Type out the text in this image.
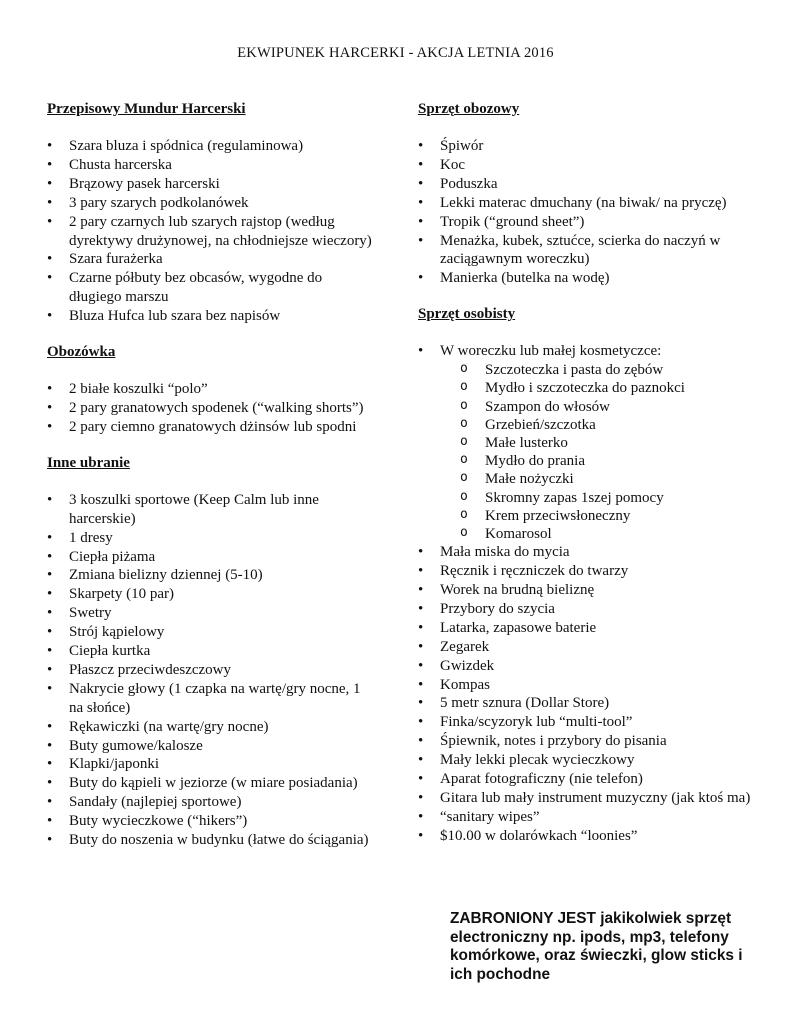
EKWIPUNEK HARCERKI - AKCJA LETNIA 2016

Przepisowy Mundur Harcerski

• Szara bluza i spódnica (regulaminowa)
• Chusta harcerska
• Brązowy pasek harcerski
• 3 pary szarych podkolanówek
• 2 pary czarnych lub szarych rajstop (według dyrektywy drużynowej, na chłodniejsze wieczory)
• Szara furażerka
• Czarne półbuty bez obcasów, wygodne do długiego marszu
• Bluza Hufca lub szara bez napisów

Obozówka

• 2 białe koszulki “polo”
• 2 pary granatowych spodenek (“walking shorts”)
• 2 pary ciemno granatowych dżinsów lub spodni

Inne ubranie

• 3 koszulki sportowe (Keep Calm lub inne harcerskie)
• 1 dresy
• Ciepła piżama
• Zmiana bielizny dziennej (5-10)
• Skarpety (10 par)
• Swetry
• Strój kąpielowy
• Ciepła kurtka
• Płaszcz przeciwdeszczowy
• Nakrycie głowy (1 czapka na wartę/gry nocne, 1 na słońce)
• Rękawiczki (na wartę/gry nocne)
• Buty gumowe/kalosze
• Klapki/japonki
• Buty do kąpieli w jeziorze (w miare posiadania)
• Sandały (najlepiej sportowe)
• Buty wycieczkowe (“hikers”)
• Buty do noszenia w budynku (łatwe do ściągania)

Sprzęt obozowy

• Śpiwór
• Koc
• Poduszka
• Lekki materac dmuchany (na biwak/ na pryczę)
• Tropik (“ground sheet”)
• Menażka, kubek, sztućce, scierka do naczyń w zaciągawnym woreczku)
• Manierka (butelka na wodę)

Sprzęt osobisty

• W woreczku lub małej kosmetyczce:
o Szczoteczka i pasta do zębów
o Mydło i szczoteczka do paznokci
o Szampon do włosów
o Grzebień/szczotka
o Małe lusterko
o Mydło do prania
o Małe nożyczki
o Skromny zapas 1szej pomocy
o Krem przeciwsłoneczny
o Komarosol
• Mała miska do mycia
• Ręcznik i ręczniczek do twarzy
• Worek na brudną bieliznę
• Przybory do szycia
• Latarka, zapasowe baterie
• Zegarek
• Gwizdek
• Kompas
• 5 metr sznura (Dollar Store)
• Finka/scyzoryk lub “multi-tool”
• Śpiewnik, notes i przybory do pisania
• Mały lekki plecak wycieczkowy
• Aparat fotograficzny (nie telefon)
• Gitara lub mały instrument muzyczny (jak ktoś ma)
• “sanitary wipes”
• $10.00 w dolarówkach “loonies”
ZABRONIONY JEST jakikolwiek sprzęt electroniczny np. ipods, mp3, telefony komórkowe, oraz świeczki, glow sticks i ich pochodne
